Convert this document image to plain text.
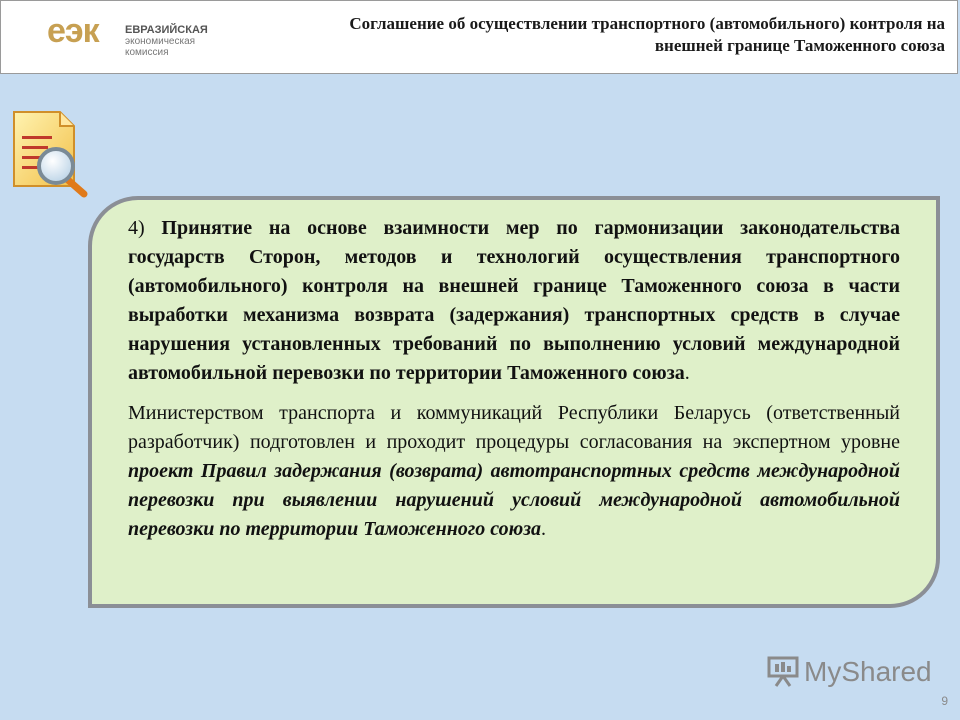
еэк ЕВРАЗИЙСКАЯ
экономическая
комиссия
Соглашение об осуществлении транспортного (автомобильного) контроля на внешней границе Таможенного союза

4) Принятие на основе взаимности мер по гармонизации законодательства государств Сторон, методов и технологий осуществления транспортного (автомобильного) контроля на внешней границе Таможенного союза в части выработки механизма возврата (задержания) транспортных средств в случае нарушения установленных требований по выполнению условий международной автомобильной перевозки по территории Таможенного союза.

Министерством транспорта и коммуникаций Республики Беларусь (ответственный разработчик) подготовлен и проходит процедуры согласования на экспертном уровне проект Правил задержания (возврата) автотранспортных средств международной перевозки при выявлении нарушений условий международной автомобильной перевозки по территории Таможенного союза.

MyShared
9
